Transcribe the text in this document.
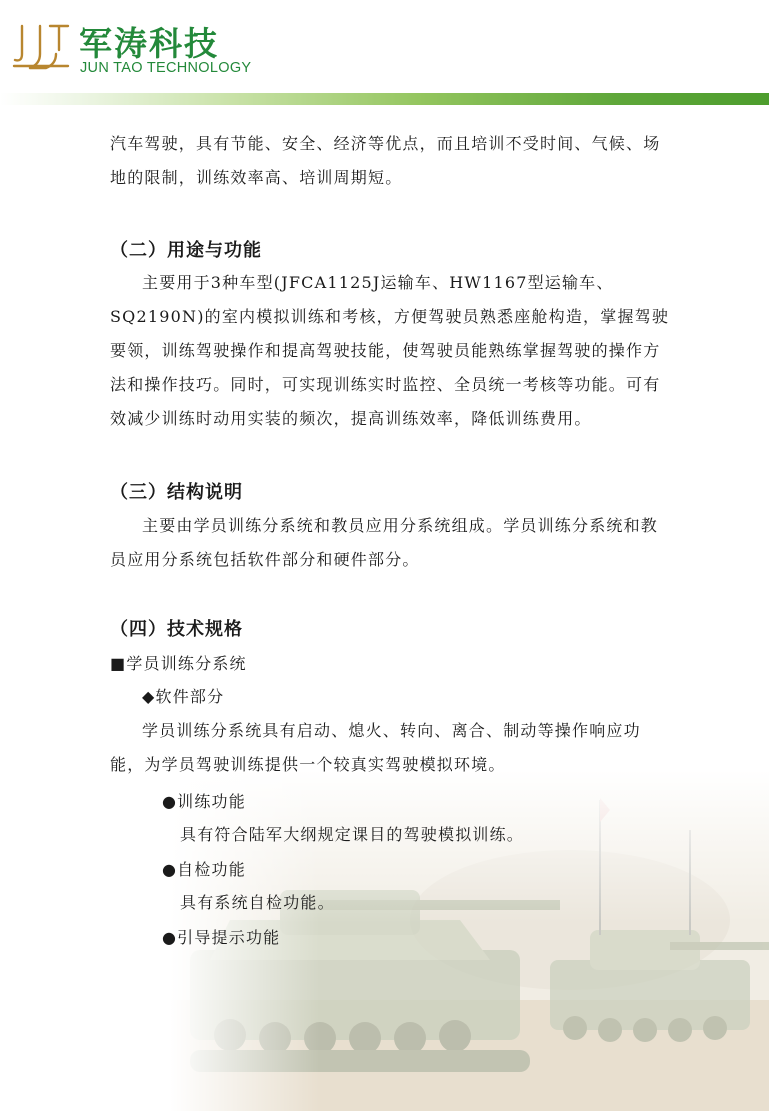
军涛科技
JUN TAO TECHNOLOGY

汽车驾驶，具有节能、安全、经济等优点，而且培训不受时间、气候、场地的限制，训练效率高、培训周期短。

（二）用途与功能

主要用于3种车型(JFCA1125J运输车、HW1167型运输车、SQ2190N)的室内模拟训练和考核，方便驾驶员熟悉座舱构造，掌握驾驶要领，训练驾驶操作和提高驾驶技能，使驾驶员能熟练掌握驾驶的操作方法和操作技巧。同时，可实现训练实时监控、全员统一考核等功能。可有效减少训练时动用实装的频次，提高训练效率，降低训练费用。

（三）结构说明

主要由学员训练分系统和教员应用分系统组成。学员训练分系统和教员应用分系统包括软件部分和硬件部分。

（四）技术规格
■学员训练分系统
◆软件部分

学员训练分系统具有启动、熄火、转向、离合、制动等操作响应功能，为学员驾驶训练提供一个较真实驾驶模拟环境。

●训练功能
具有符合陆军大纲规定课目的驾驶模拟训练。
●自检功能
具有系统自检功能。
●引导提示功能
